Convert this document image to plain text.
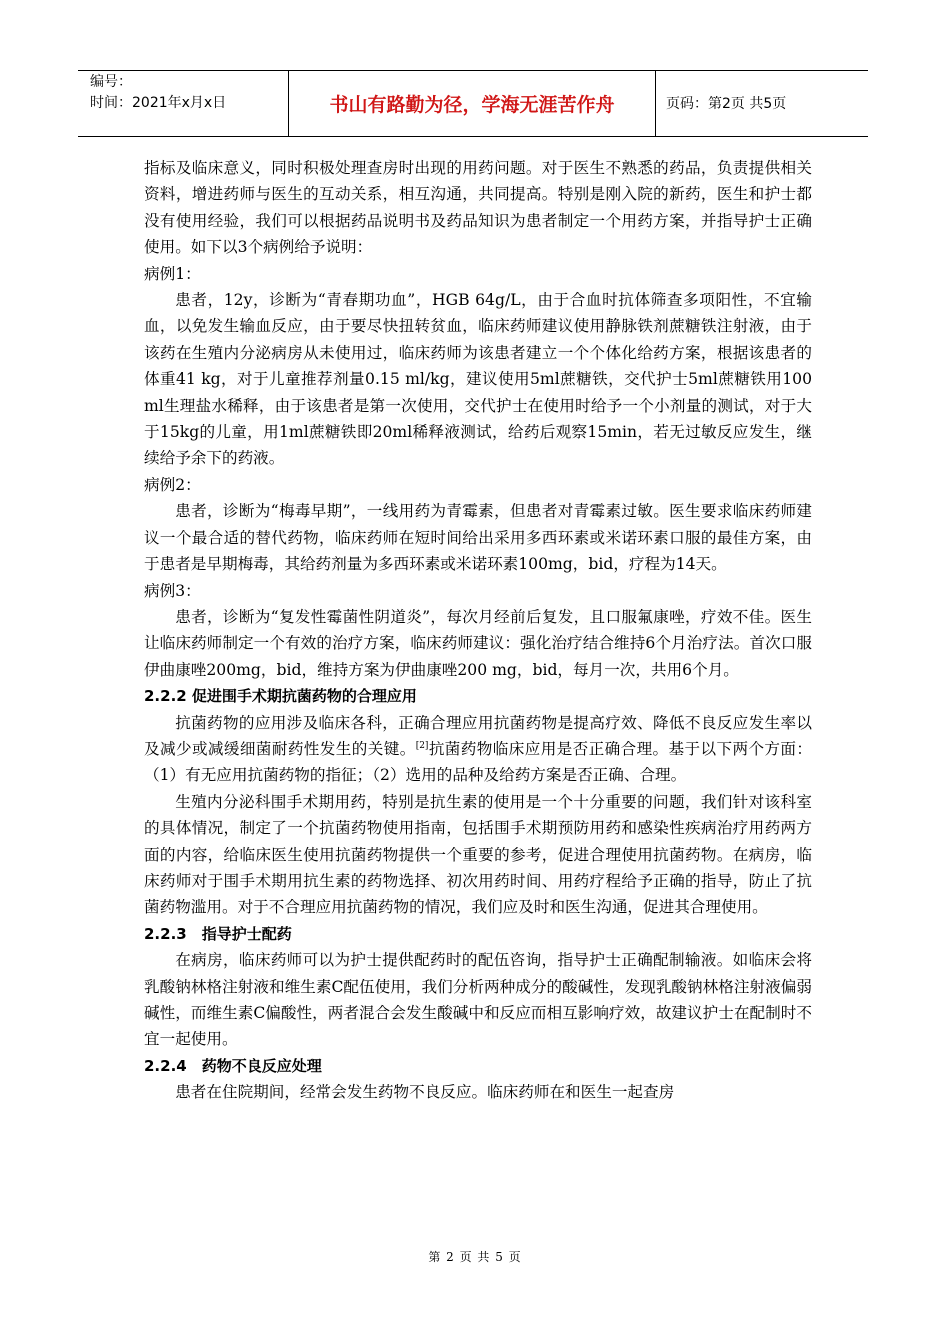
编号：
时间：2021年x月x日	书山有路勤为径，学海无涯苦作舟	页码：第2页 共5页

指标及临床意义，同时积极处理查房时出现的用药问题。对于医生不熟悉的药品，负责提供相关资料，增进药师与医生的互动关系，相互沟通，共同提高。特别是刚入院的新药，医生和护士都没有使用经验，我们可以根据药品说明书及药品知识为患者制定一个用药方案，并指导护士正确使用。如下以3个病例给予说明：

病例1：

患者，12y，诊断为“青春期功血”，HGB 64g/L，由于合血时抗体筛查多项阳性，不宜输血，以免发生输血反应，由于要尽快扭转贫血，临床药师建议使用静脉铁剂蔗糖铁注射液，由于该药在生殖内分泌病房从未使用过，临床药师为该患者建立一个个体化给药方案，根据该患者的体重41 kg，对于儿童推荐剂量0.15 ml/kg，建议使用5ml蔗糖铁，交代护士5ml蔗糖铁用100 ml生理盐水稀释，由于该患者是第一次使用，交代护士在使用时给予一个小剂量的测试，对于大于15kg的儿童，用1ml蔗糖铁即20ml稀释液测试，给药后观察15min，若无过敏反应发生，继续给予余下的药液。

病例2：

患者，诊断为“梅毒早期”，一线用药为青霉素，但患者对青霉素过敏。医生要求临床药师建议一个最合适的替代药物，临床药师在短时间给出采用多西环素或米诺环素口服的最佳方案，由于患者是早期梅毒，其给药剂量为多西环素或米诺环素100mg，bid，疗程为14天。

病例3：

患者，诊断为“复发性霉菌性阴道炎”，每次月经前后复发，且口服氟康唑，疗效不佳。医生让临床药师制定一个有效的治疗方案，临床药师建议：强化治疗结合维持6个月治疗法。首次口服伊曲康唑200mg，bid，维持方案为伊曲康唑200 mg，bid，每月一次，共用6个月。

2.2.2 促进围手术期抗菌药物的合理应用

抗菌药物的应用涉及临床各科，正确合理应用抗菌药物是提高疗效、降低不良反应发生率以及减少或减缓细菌耐药性发生的关键。[2]抗菌药物临床应用是否正确合理。基于以下两个方面：（1）有无应用抗菌药物的指征；（2）选用的品种及给药方案是否正确、合理。

生殖内分泌科围手术期用药，特别是抗生素的使用是一个十分重要的问题，我们针对该科室的具体情况，制定了一个抗菌药物使用指南，包括围手术期预防用药和感染性疾病治疗用药两方面的内容，给临床医生使用抗菌药物提供一个重要的参考，促进合理使用抗菌药物。在病房，临床药师对于围手术期用抗生素的药物选择、初次用药时间、用药疗程给予正确的指导，防止了抗菌药物滥用。对于不合理应用抗菌药物的情况，我们应及时和医生沟通，促进其合理使用。

2.2.3　指导护士配药

在病房，临床药师可以为护士提供配药时的配伍咨询，指导护士正确配制输液。如临床会将乳酸钠林格注射液和维生素C配伍使用，我们分析两种成分的酸碱性，发现乳酸钠林格注射液偏弱碱性，而维生素C偏酸性，两者混合会发生酸碱中和反应而相互影响疗效，故建议护士在配制时不宜一起使用。

2.2.4　药物不良反应处理

患者在住院期间，经常会发生药物不良反应。临床药师在和医生一起查房

第 2 页 共 5 页
